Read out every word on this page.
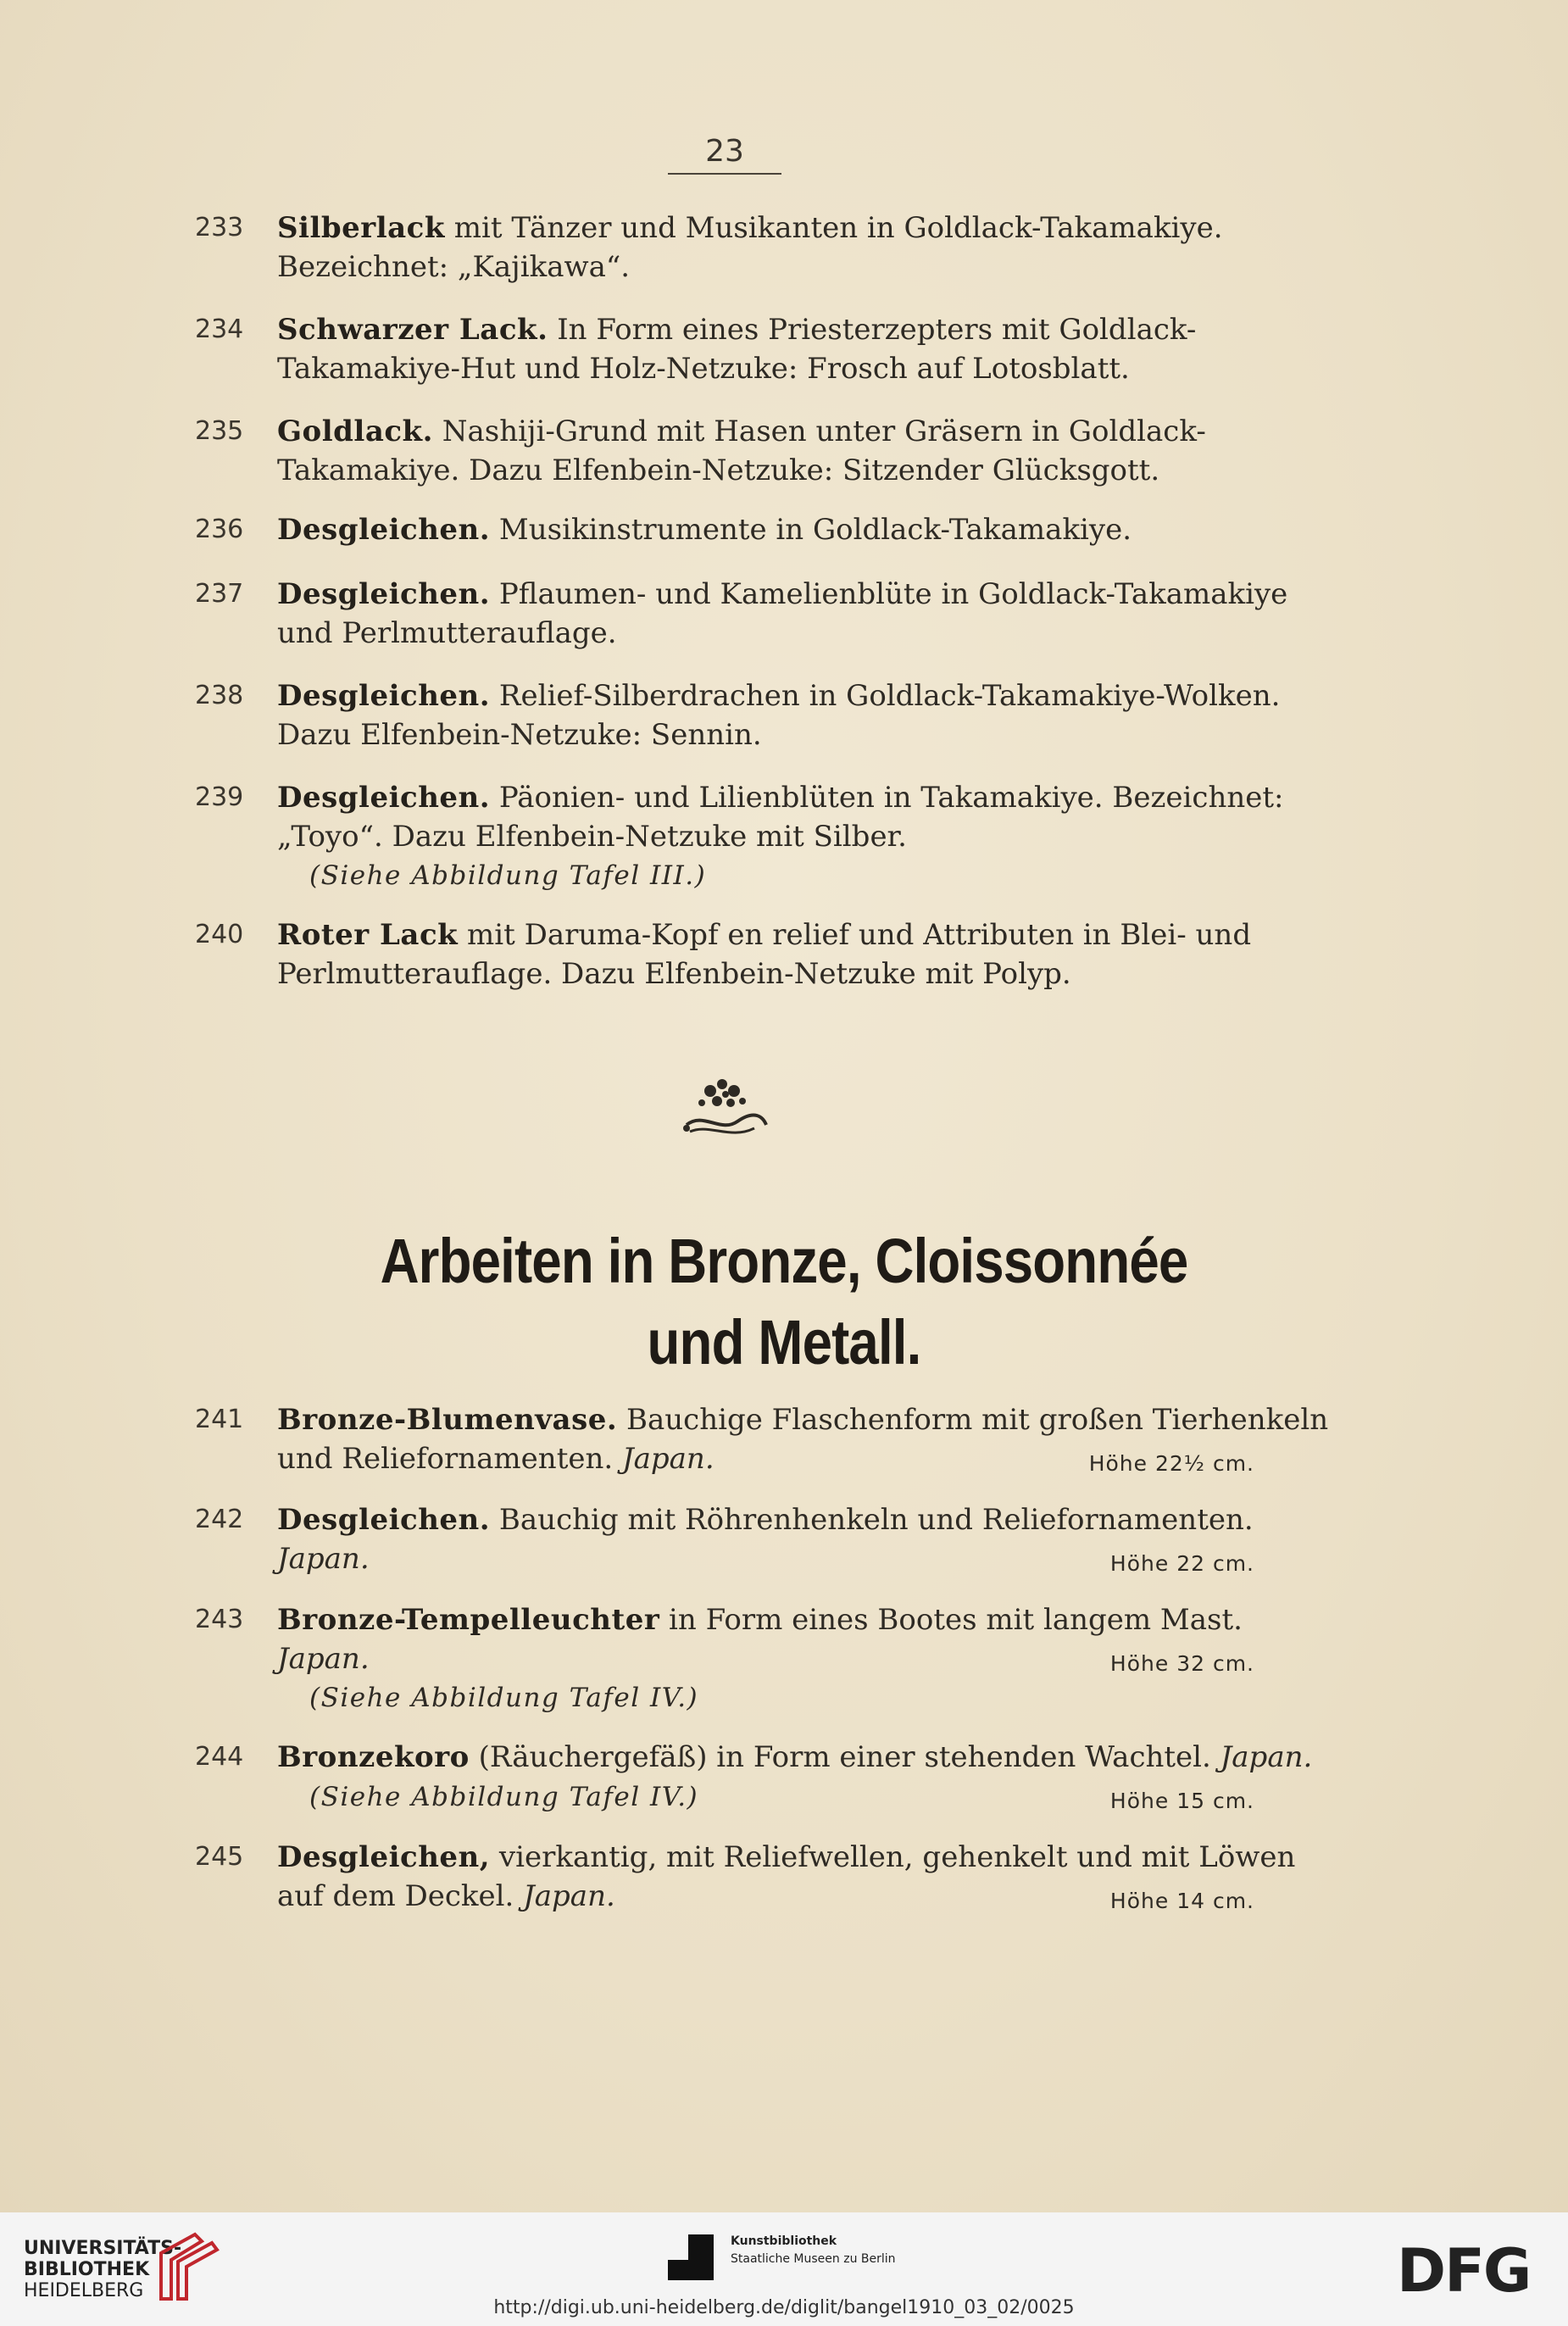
23
233 Silberlack mit Tänzer und Musikanten in Goldlack-Takamakiye.
Bezeichnet: „Kajikawa“.
234 Schwarzer Lack. In Form eines Priesterzepters mit Goldlack-
Takamakiye-Hut und Holz-Netzuke: Frosch auf Lotosblatt.
235 Goldlack. Nashiji-Grund mit Hasen unter Gräsern in Goldlack-
Takamakiye. Dazu Elfenbein-Netzuke: Sitzender Glücksgott.
236 Desgleichen. Musikinstrumente in Goldlack-Takamakiye.
237 Desgleichen. Pflaumen- und Kamelienblüte in Goldlack-Takamakiye
und Perlmutterauflage.
238 Desgleichen. Relief-Silberdrachen in Goldlack-Takamakiye-Wolken.
Dazu Elfenbein-Netzuke: Sennin.
239 Desgleichen. Päonien- und Lilienblüten in Takamakiye. Bezeichnet:
„Toyo“. Dazu Elfenbein-Netzuke mit Silber.
(Siehe Abbildung Tafel III.)
240 Roter Lack mit Daruma-Kopf en relief und Attributen in Blei- und
Perlmutterauflage. Dazu Elfenbein-Netzuke mit Polyp.
Arbeiten in Bronze, Cloissonnée
und Metall.
241 Bronze-Blumenvase. Bauchige Flaschenform mit großen Tierhenkeln
und Reliefornamenten. Japan.	Höhe 22½ cm.
242 Desgleichen. Bauchig mit Röhrenhenkeln und Reliefornamenten.
Japan.	Höhe 22 cm.
243 Bronze-Tempelleuchter in Form eines Bootes mit langem Mast.
Japan.	Höhe 32 cm.
(Siehe Abbildung Tafel IV.)
244 Bronzekoro (Räuchergefäß) in Form einer stehenden Wachtel. Japan.
(Siehe Abbildung Tafel IV.)	Höhe 15 cm.
245 Desgleichen, vierkantig, mit Reliefwellen, gehenkelt und mit Löwen
auf dem Deckel. Japan.	Höhe 14 cm.
UNIVERSITÄTS-
BIBLIOTHEK
HEIDELBERG
Kunstbibliothek
Staatliche Museen zu Berlin	DFG
http://digi.ub.uni-heidelberg.de/diglit/bangel1910_03_02/0025
